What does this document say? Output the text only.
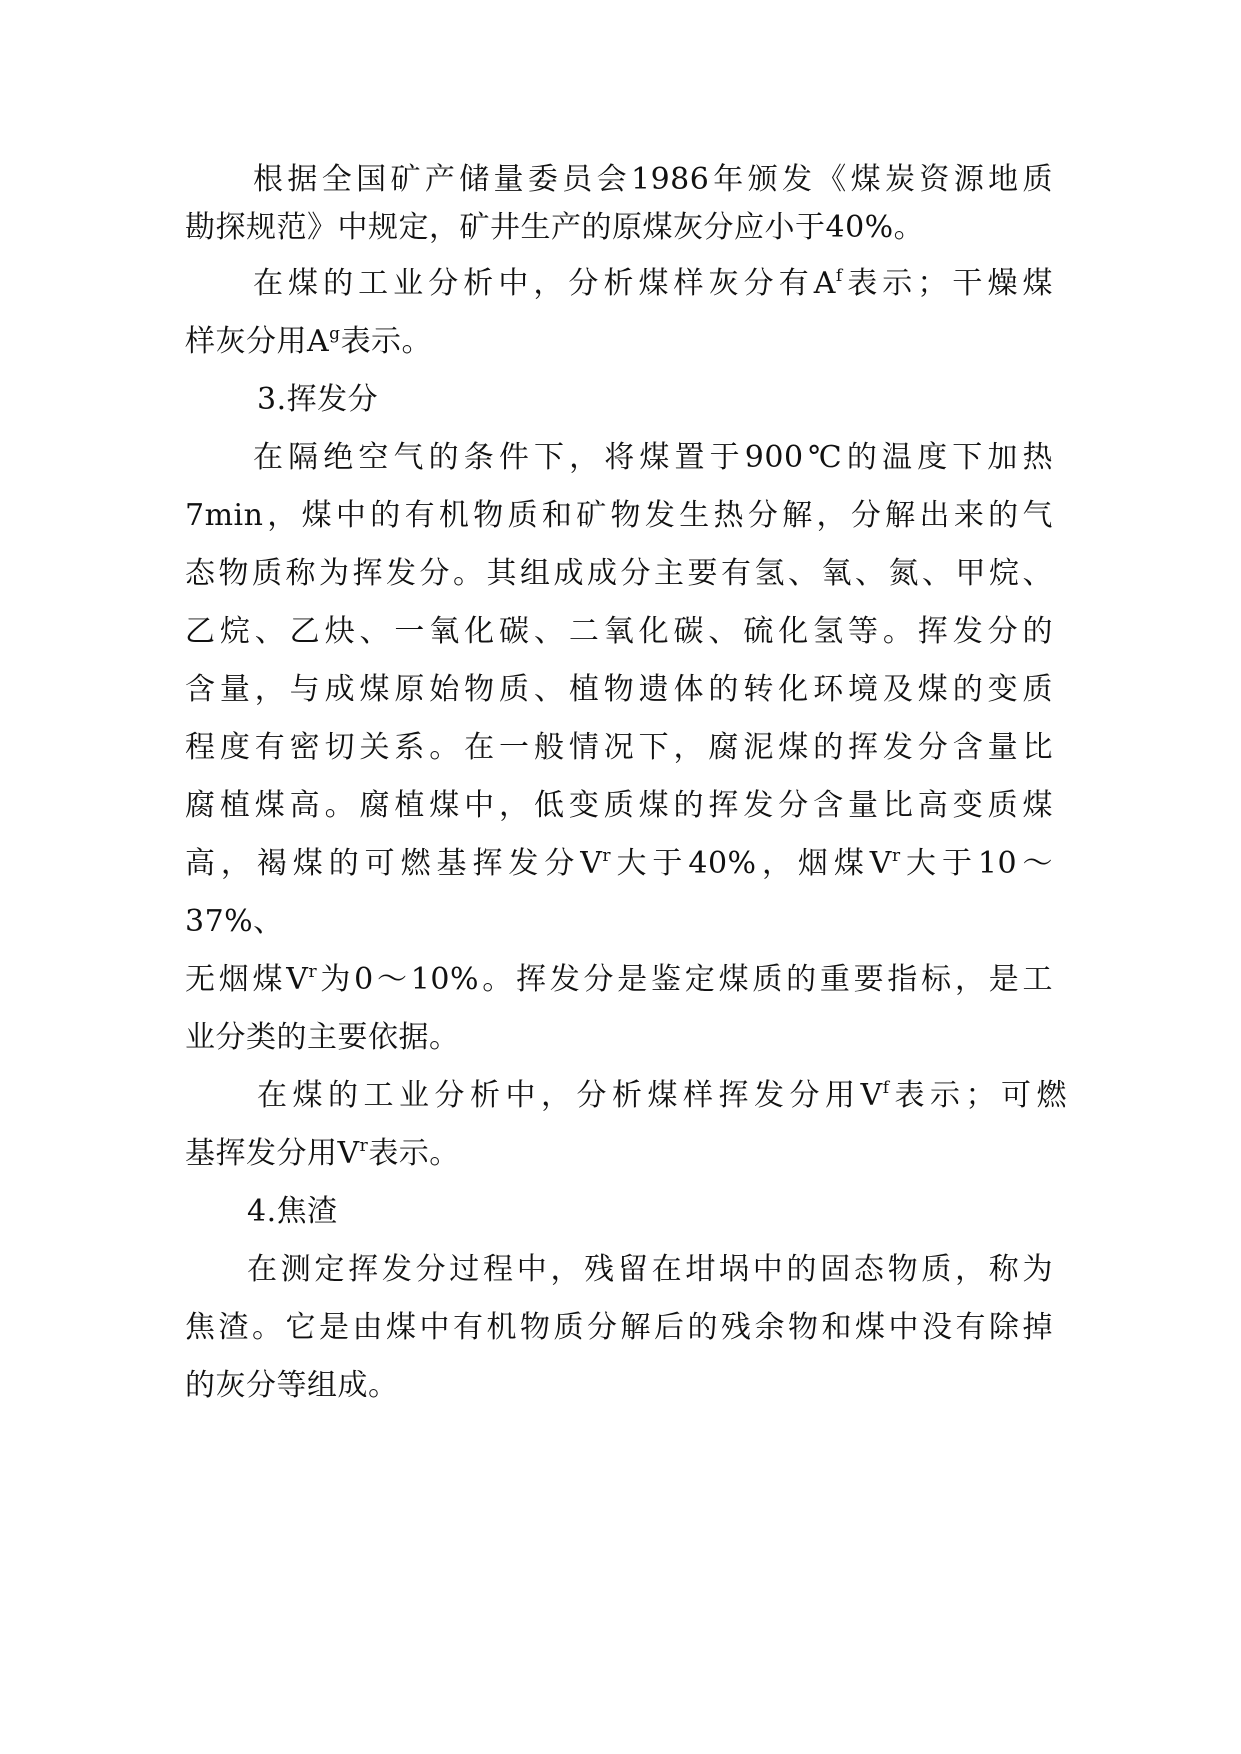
根据全国矿产储量委员会1986年颁发《煤炭资源地质
勘探规范》中规定，矿井生产的原煤灰分应小于40%。
在煤的工业分析中，分析煤样灰分有$A^f$表示；干燥煤
样灰分用$A^g$表示。
3.挥发分
在隔绝空气的条件下，将煤置于900℃的温度下加热
7min，煤中的有机物质和矿物发生热分解，分解出来的气
态物质称为挥发分。其组成成分主要有氢、氧、氮、甲烷、
乙烷、乙炔、一氧化碳、二氧化碳、硫化氢等。挥发分的
含量，与成煤原始物质、植物遗体的转化环境及煤的变质
程度有密切关系。在一般情况下，腐泥煤的挥发分含量比
腐植煤高。腐植煤中，低变质煤的挥发分含量比高变质煤
高，褐煤的可燃基挥发分$V^r$大于40%，烟煤$V^r$大于10～
37%、
无烟煤$V^r$为0～10%。挥发分是鉴定煤质的重要指标，是工
业分类的主要依据。
在煤的工业分析中，分析煤样挥发分用$V^f$表示；可燃
基挥发分用$V^r$表示。
4.焦渣
在测定挥发分过程中，残留在坩埚中的固态物质，称为
焦渣。它是由煤中有机物质分解后的残余物和煤中没有除掉
的灰分等组成。
